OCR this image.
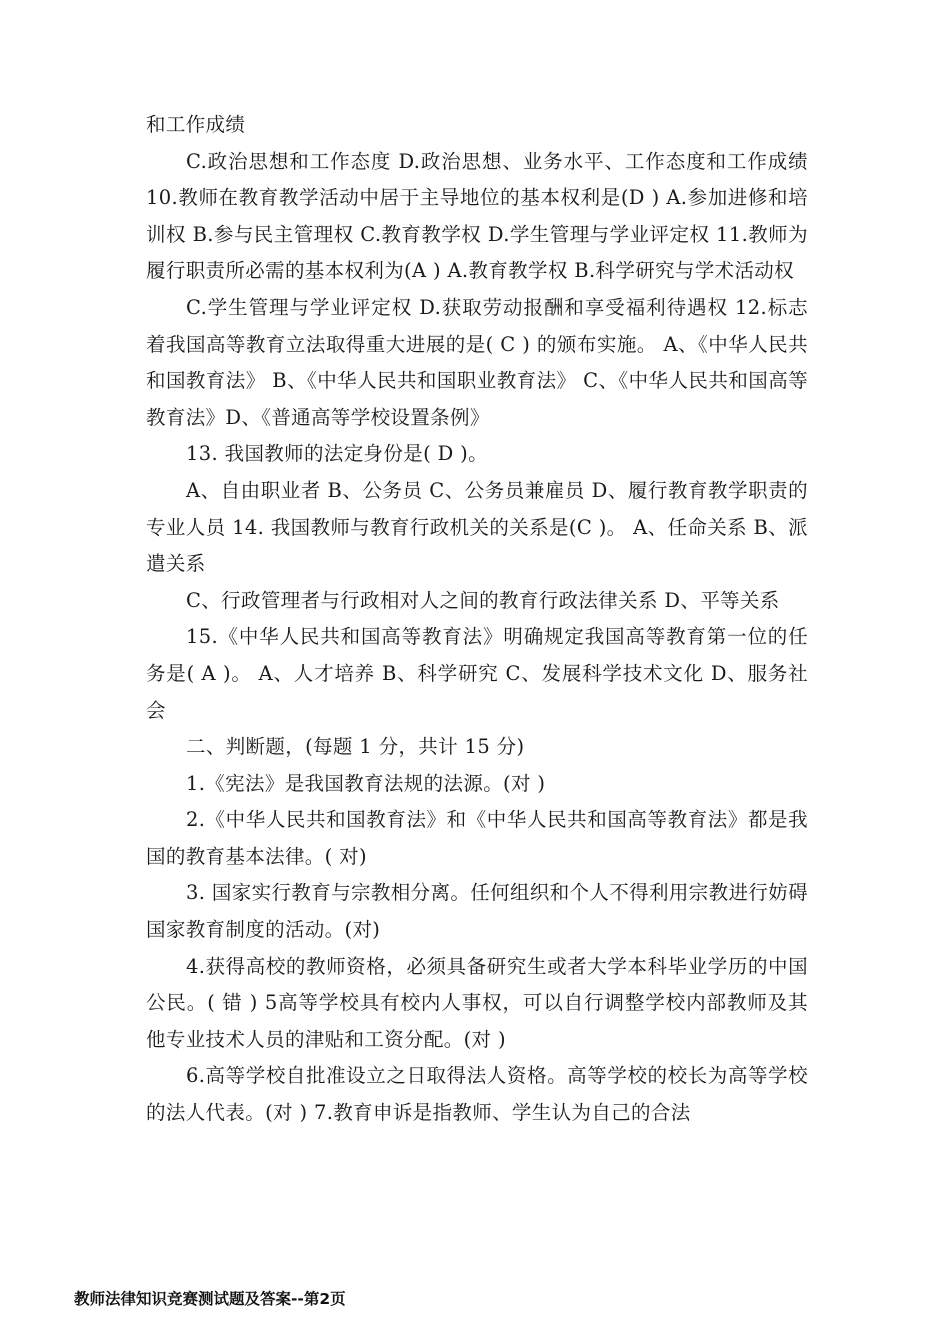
和工作成绩

C.政治思想和工作态度 D.政治思想、业务水平、工作态度和工作成绩 10.教师在教育教学活动中居于主导地位的基本权利是(D ) A.参加进修和培训权 B.参与民主管理权 C.教育教学权 D.学生管理与学业评定权 11.教师为履行职责所必需的基本权利为(A ) A.教育教学权 B.科学研究与学术活动权

C.学生管理与学业评定权 D.获取劳动报酬和享受福利待遇权 12.标志着我国高等教育立法取得重大进展的是( C ) 的颁布实施。 A、《中华人民共和国教育法》 B、《中华人民共和国职业教育法》 C、《中华人民共和国高等教育法》D、《普通高等学校设置条例》

13. 我国教师的法定身份是( D )。

A、自由职业者 B、公务员 C、公务员兼雇员 D、履行教育教学职责的专业人员 14. 我国教师与教育行政机关的关系是(C )。 A、任命关系 B、派遣关系

C、行政管理者与行政相对人之间的教育行政法律关系 D、平等关系

15.《中华人民共和国高等教育法》明确规定我国高等教育第一位的任务是( A )。 A、人才培养 B、科学研究 C、发展科学技术文化 D、服务社会

二、判断题，(每题 1 分，共计 15 分)

1.《宪法》是我国教育法规的法源。(对 )

2.《中华人民共和国教育法》和《中华人民共和国高等教育法》都是我国的教育基本法律。( 对)

3. 国家实行教育与宗教相分离。任何组织和个人不得利用宗教进行妨碍国家教育制度的活动。(对)

4.获得高校的教师资格，必须具备研究生或者大学本科毕业学历的中国公民。( 错 ) 5高等学校具有校内人事权，可以自行调整学校内部教师及其他专业技术人员的津贴和工资分配。(对 )

6.高等学校自批准设立之日取得法人资格。高等学校的校长为高等学校的法人代表。(对 ) 7.教育申诉是指教师、学生认为自己的合法

教师法律知识竞赛测试题及答案--第2页
